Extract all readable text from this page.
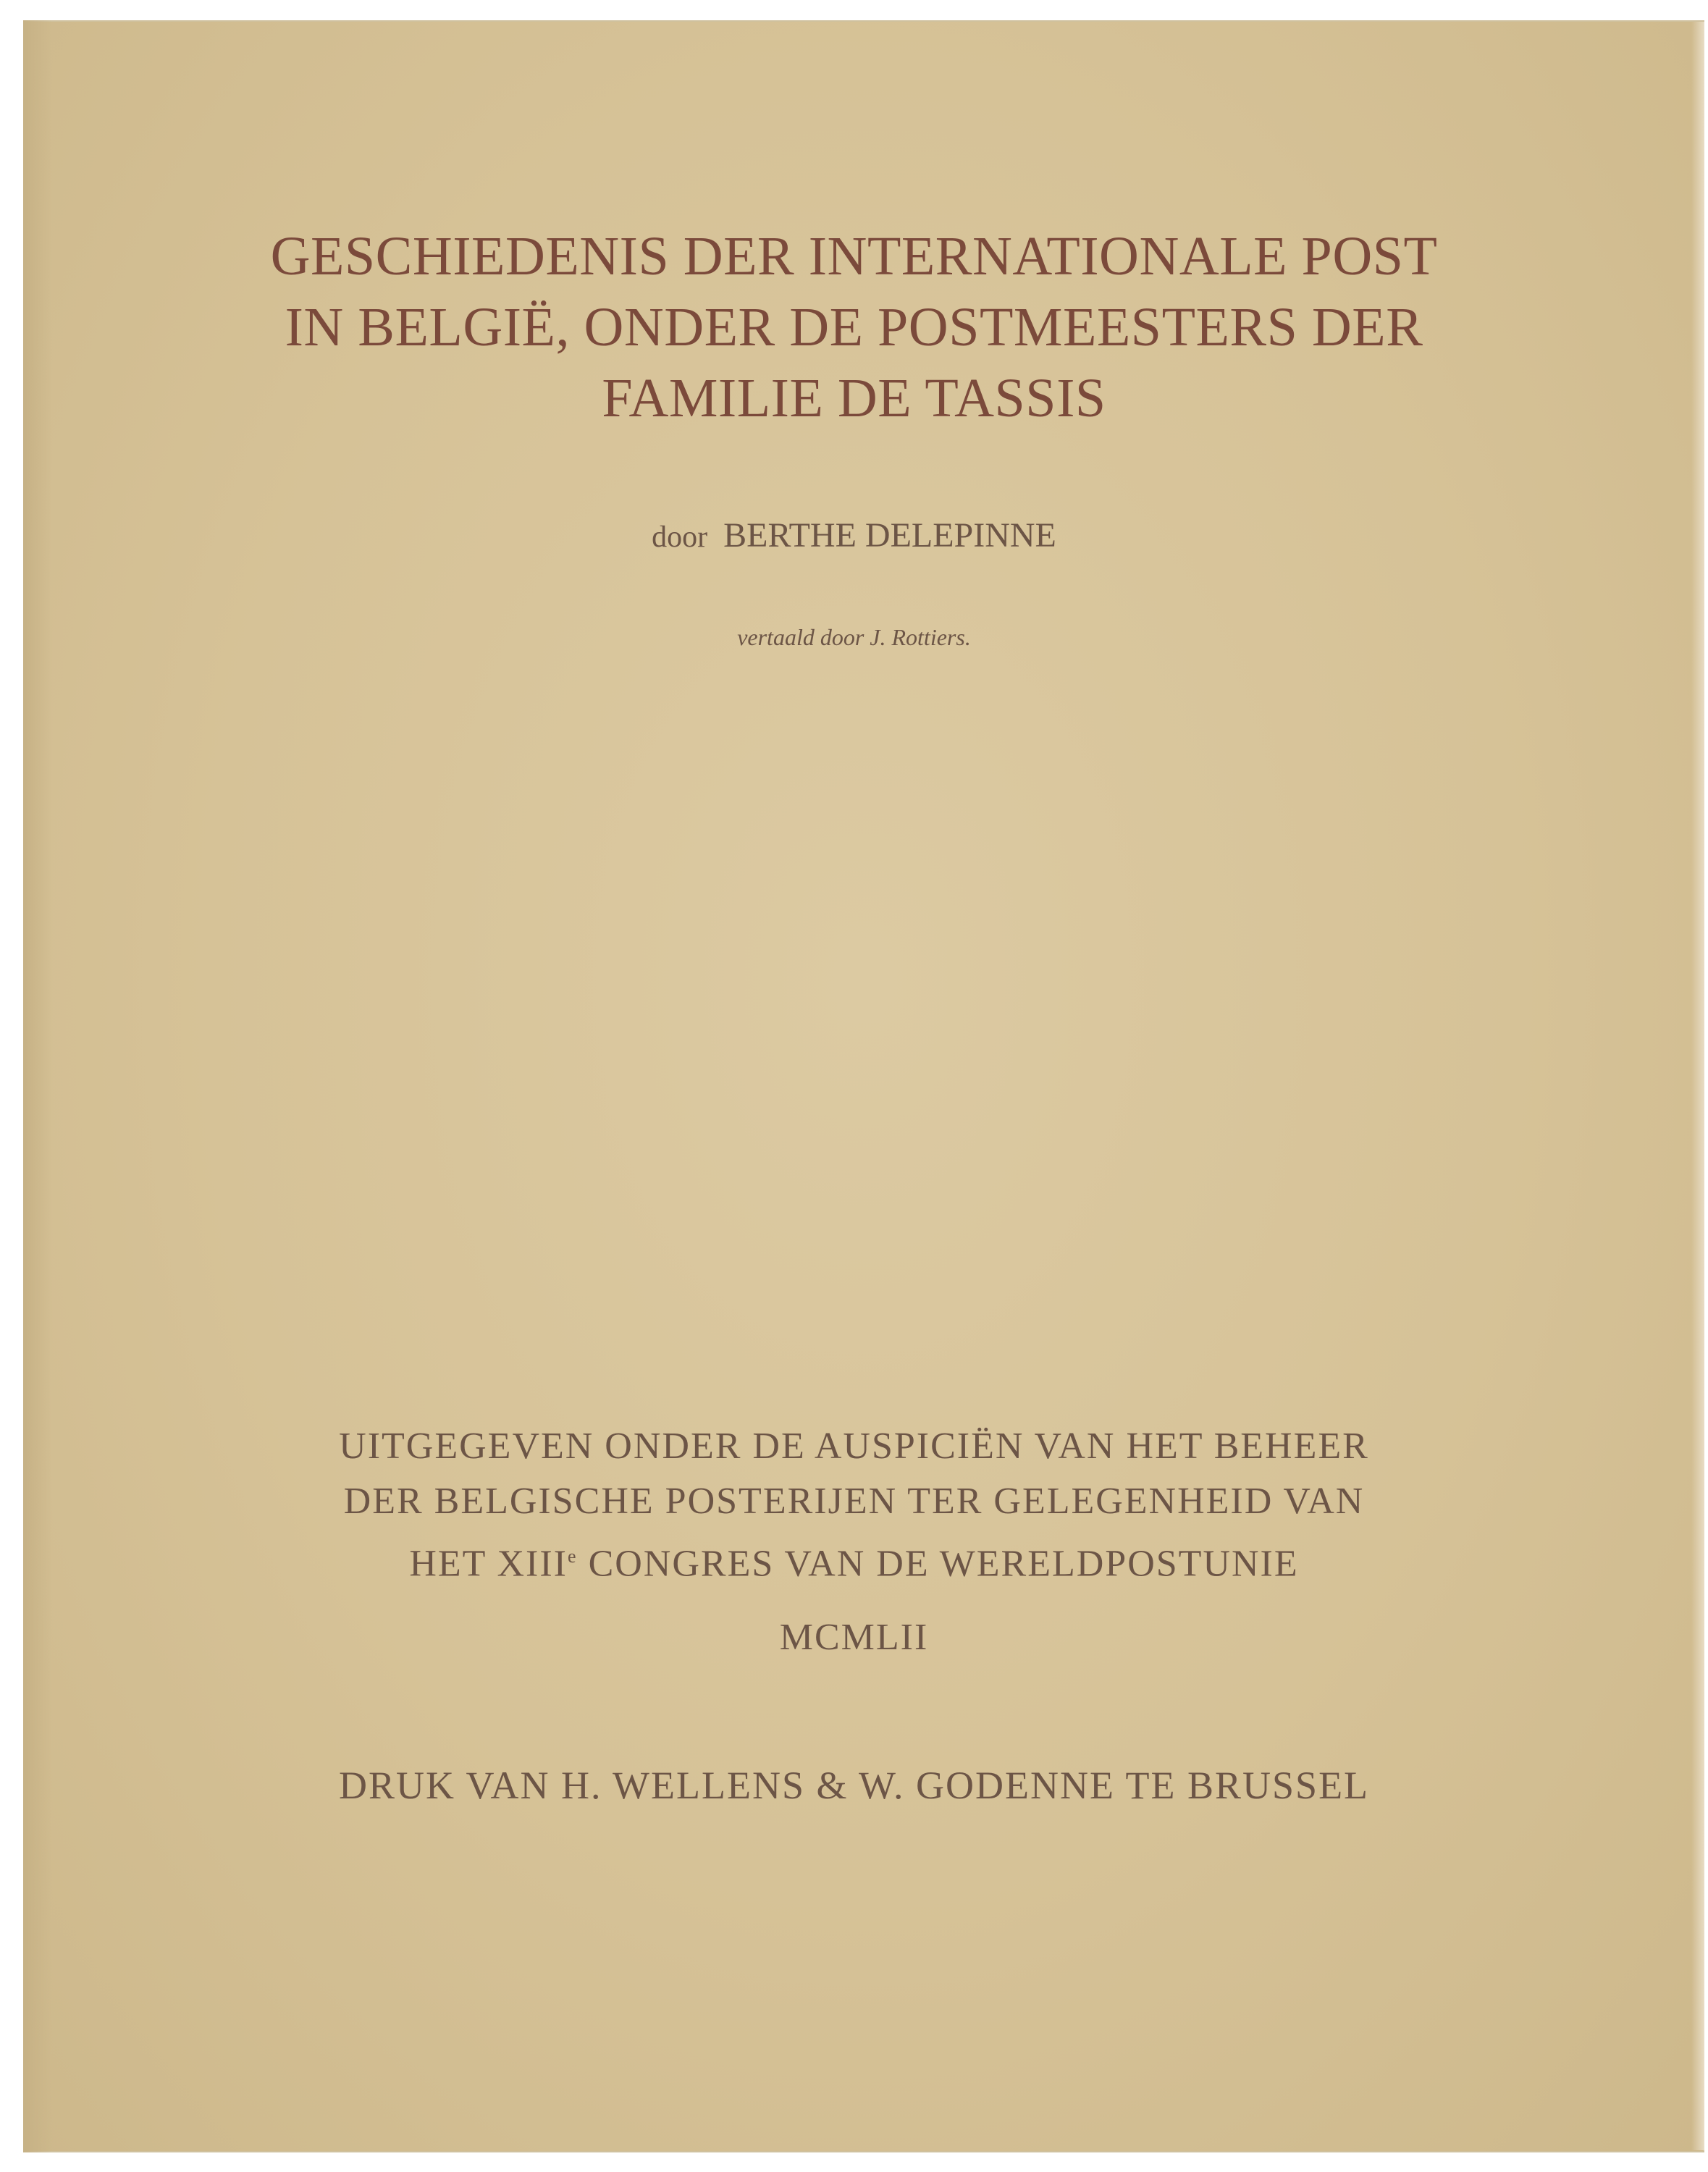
GESCHIEDENIS DER INTERNATIONALE POST
IN BELGIË, ONDER DE POSTMEESTERS DER
FAMILIE DE TASSIS
door BERTHE DELEPINNE
vertaald door J. Rottiers.
UITGEGEVEN ONDER DE AUSPICIËN VAN HET BEHEER
DER BELGISCHE POSTERIJEN TER GELEGENHEID VAN
HET XIIIe CONGRES VAN DE WERELDPOSTUNIE
MCMLII
DRUK VAN H. WELLENS & W. GODENNE TE BRUSSEL
